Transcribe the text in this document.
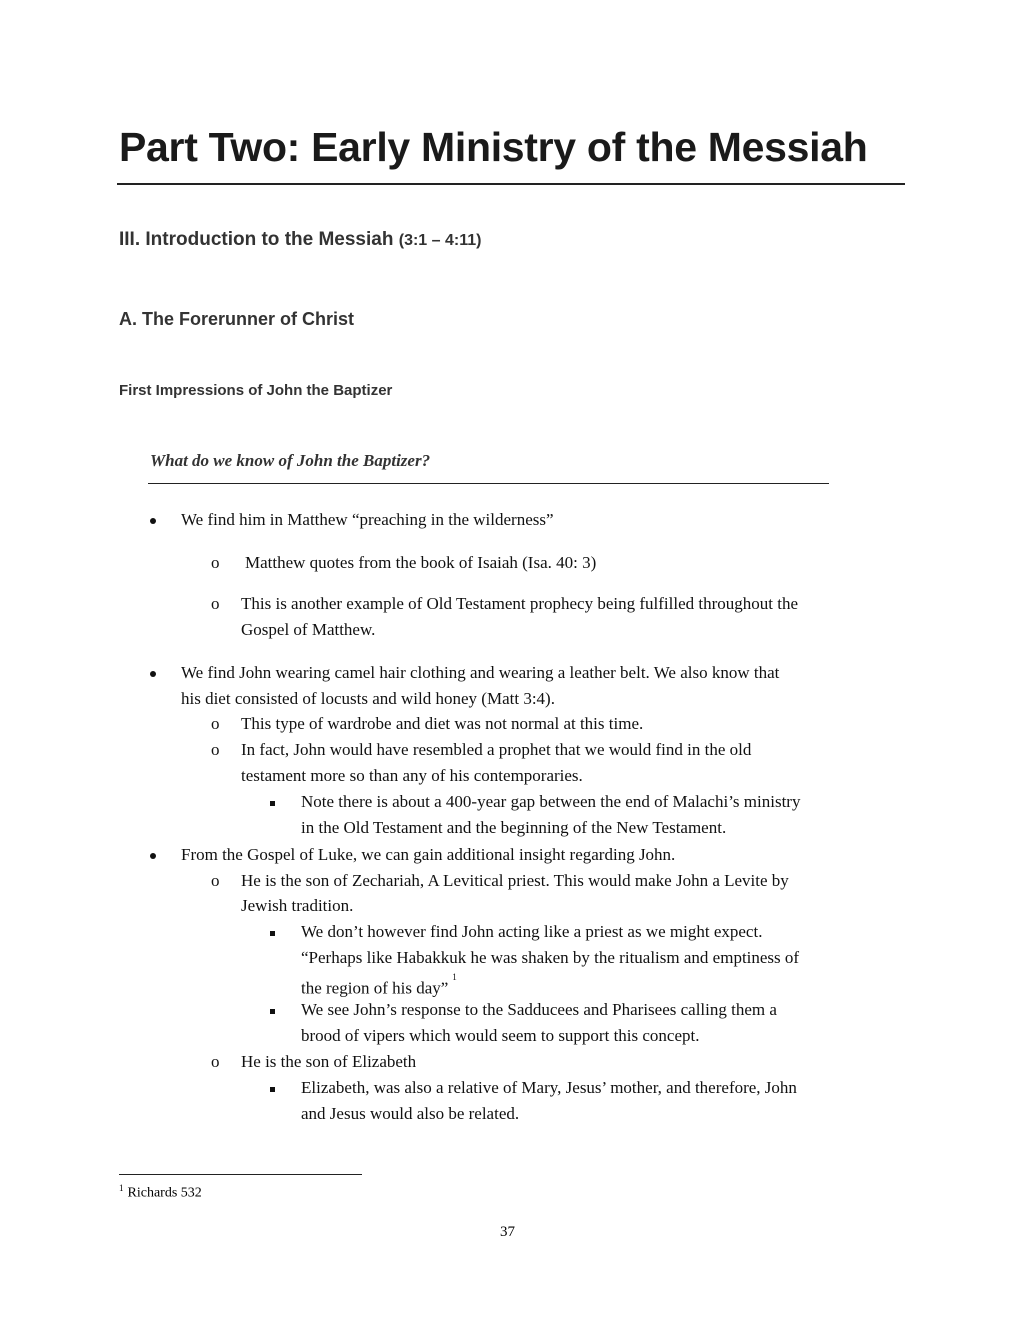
Part Two: Early Ministry of the Messiah
III. Introduction to the Messiah (3:1 – 4:11)
A. The Forerunner of Christ
First Impressions of John the Baptizer

What do we know of John the Baptizer?

We find him in Matthew “preaching in the wilderness”

o Matthew quotes from the book of Isaiah (Isa. 40: 3)

o This is another example of Old Testament prophecy being fulfilled throughout the

Gospel of Matthew.

We find John wearing camel hair clothing and wearing a leather belt. We also know that

his diet consisted of locusts and wild honey (Matt 3:4).

o This type of wardrobe and diet was not normal at this time.

o In fact, John would have resembled a prophet that we would find in the old

testament more so than any of his contemporaries.

Note there is about a 400-year gap between the end of Malachi’s ministry

in the Old Testament and the beginning of the New Testament.

From the Gospel of Luke, we can gain additional insight regarding John.

o He is the son of Zechariah, A Levitical priest. This would make John a Levite by

Jewish tradition.

We don’t however find John acting like a priest as we might expect.

“Perhaps like Habakkuk he was shaken by the ritualism and emptiness of

the region of his day”$^1$

We see John’s response to the Sadducees and Pharisees calling them a

brood of vipers which would seem to support this concept.

o He is the son of Elizabeth

Elizabeth, was also a relative of Mary, Jesus’ mother, and therefore, John

and Jesus would also be related.

$^1$ Richards 532

37
